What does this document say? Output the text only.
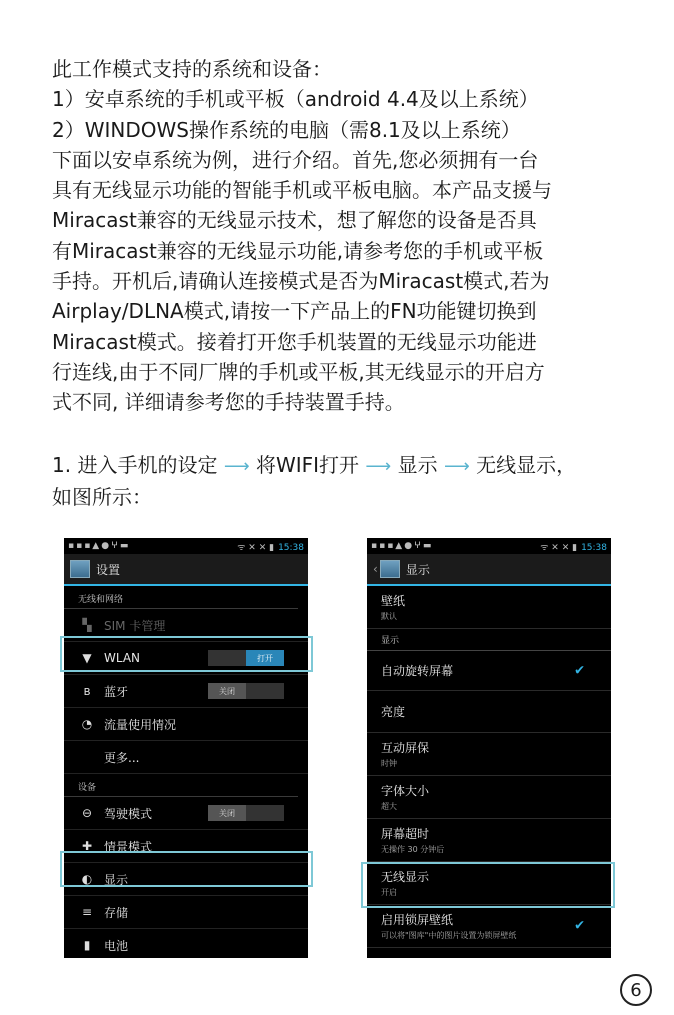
此工作模式支持的系统和设备：
1）安卓系统的手机或平板（android 4.4及以上系统）
2）WINDOWS操作系统的电脑（需8.1及以上系统）
下面以安卓系统为例，进行介绍。首先,您必须拥有一台
具有无线显示功能的智能手机或平板电脑。本产品支援与
Miracast兼容的无线显示技术，想了解您的设备是否具
有Miracast兼容的无线显示功能,请参考您的手机或平板
手持。开机后,请确认连接模式是否为Miracast模式,若为
Airplay/DLNA模式,请按一下产品上的FN功能键切换到
Miracast模式。接着打开您手机装置的无线显示功能进
行连线,由于不同厂牌的手机或平板,其无线显示的开启方
式不同, 详细请参考您的手持装置手持。
1. 进入手机的设定 ⟶ 将WIFI打开 ⟶ 显示 ⟶ 无线显示，
如图所示：
▪▪▪▲●ⵖ▬	ᯤ ✕ ✕ ▮ 15:38
设置
无线和网络
▚ SIM 卡管理
▼ WLAN	打开
ʙ 蓝牙	关闭
◔ 流量使用情况
更多...
设备
⊖ 驾驶模式	关闭
✚ 情景模式
◐ 显示
≡ 存储
▮	电池
▪▪▪▲●ⵖ▬	ᯤ ✕ ✕ ▮ 15:38
‹ 显示
壁纸
默认
显示
自动旋转屏幕	✔
亮度
互动屏保
时钟
字体大小
超大
屏幕超时
无操作 30 分钟后
无线显示
开启
启用锁屏壁纸
可以将"图库"中的图片设置为锁屏壁纸
✔
6
